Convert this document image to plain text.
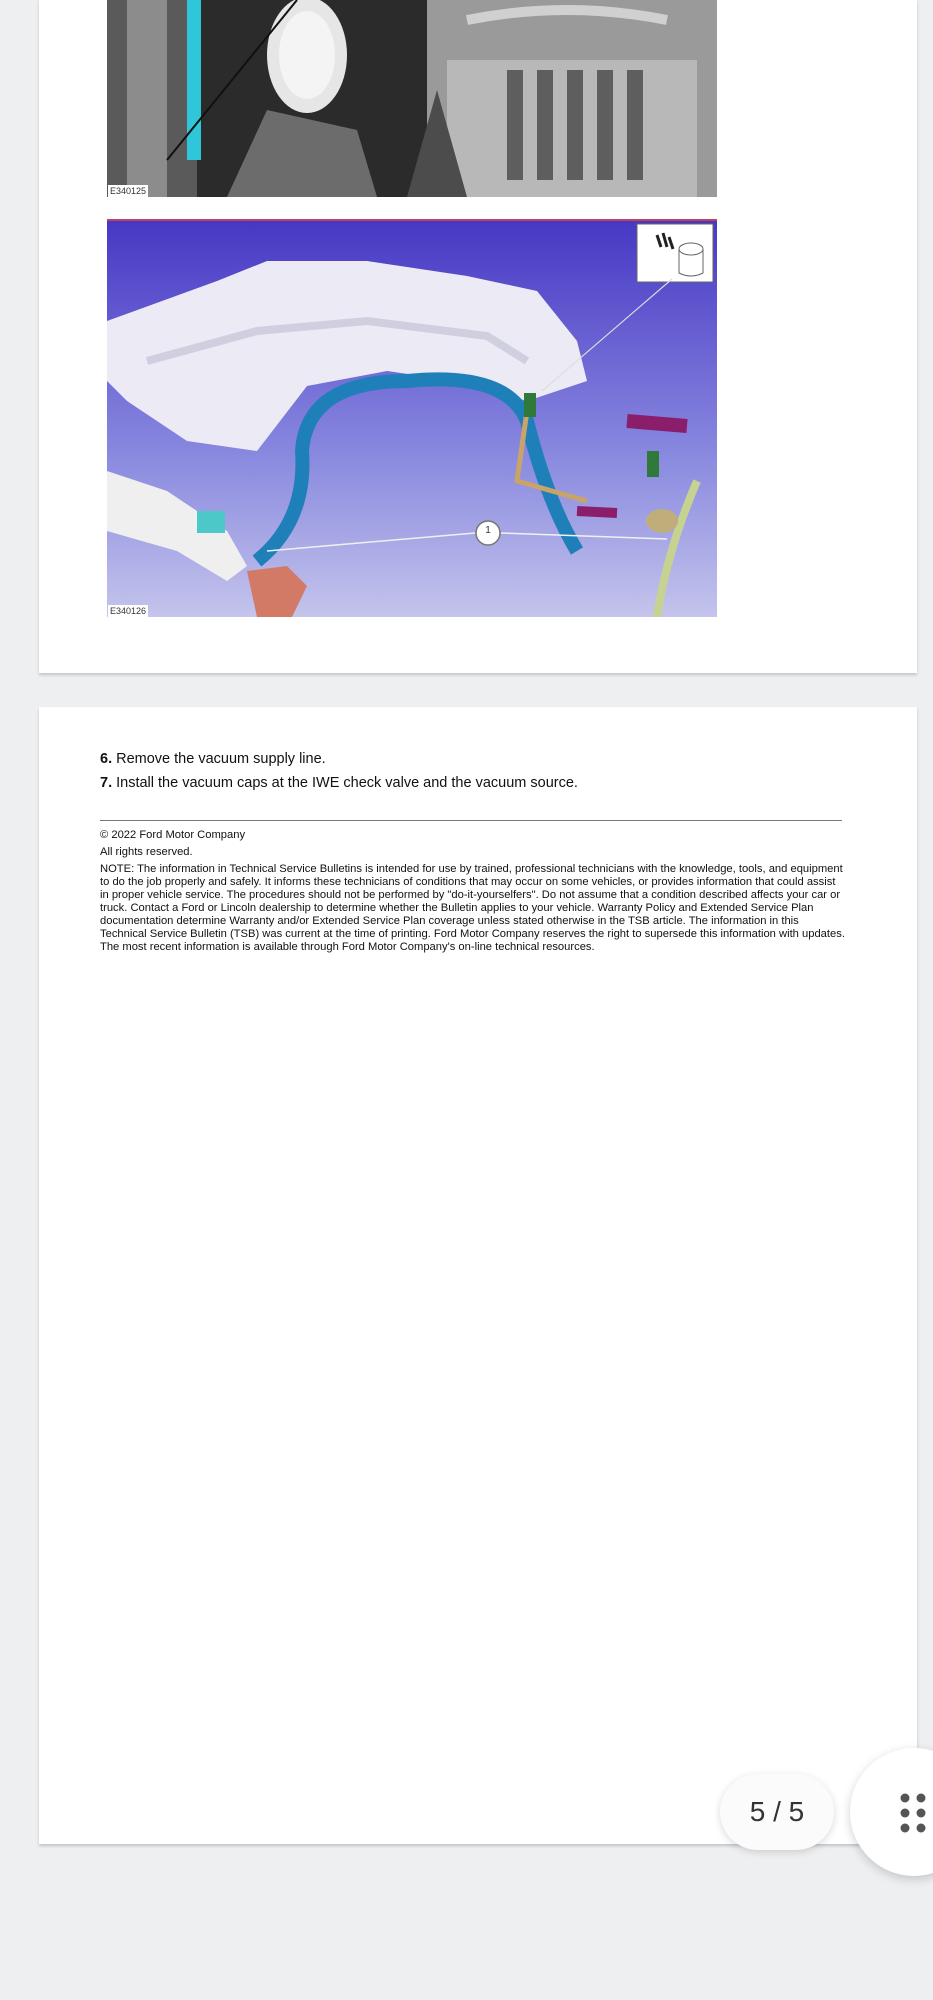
E340125
1
E340126
6. Remove the vacuum supply line.
7. Install the vacuum caps at the IWE check valve and the vacuum source.

© 2022 Ford Motor Company

All rights reserved.

NOTE: The information in Technical Service Bulletins is intended for use by trained, professional technicians with the knowledge, tools, and equipment to do the job properly and safely. It informs these technicians of conditions that may occur on some vehicles, or provides information that could assist in proper vehicle service. The procedures should not be performed by "do-it-yourselfers". Do not assume that a condition described affects your car or truck. Contact a Ford or Lincoln dealership to determine whether the Bulletin applies to your vehicle. Warranty Policy and Extended Service Plan documentation determine Warranty and/or Extended Service Plan coverage unless stated otherwise in the TSB article. The information in this Technical Service Bulletin (TSB) was current at the time of printing. Ford Motor Company reserves the right to supersede this information with updates. The most recent information is available through Ford Motor Company's on-line technical resources.

5 / 5
